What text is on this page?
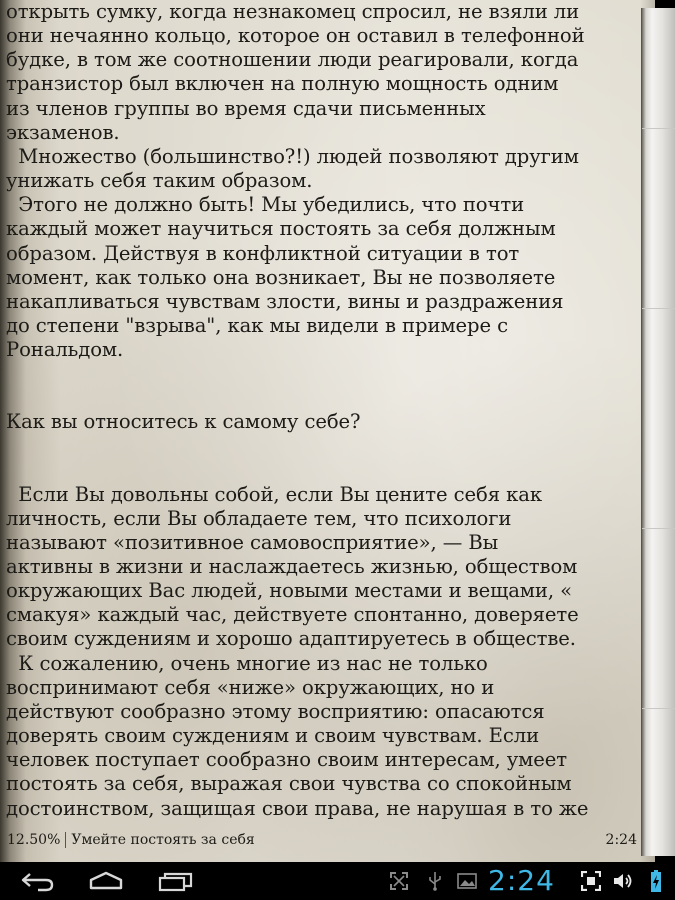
открыть сумку, когда незнакомец спросил, не взяли ли
они нечаянно кольцо, которое он оставил в телефонной
будке, в том же соотношении люди реагировали, когда
транзистор был включен на полную мощность одним
из членов группы во время сдачи письменных
экзаменов.

Множество (большинство?!) людей позволяют другим
унижать себя таким образом.

Этого не должно быть! Мы убедились, что почти
каждый может научиться постоять за себя должным
образом. Действуя в конфликтной ситуации в тот
момент, как только она возникает, Вы не позволяете
накапливаться чувствам злости, вины и раздражения
до степени "взрыва", как мы видели в примере с
Рональдом.

Как вы относитесь к самому себе?

Если Вы довольны собой, если Вы цените себя как
личность, если Вы обладаете тем, что психологи
называют «позитивное самовосприятие», — Вы
активны в жизни и наслаждаетесь жизнью, обществом
окружающих Вас людей, новыми местами и вещами, «
смакуя» каждый час, действуете спонтанно, доверяете
своим суждениям и хорошо адаптируетесь в обществе.

К сожалению, очень многие из нас не только
воспринимают себя «ниже» окружающих, но и
действуют сообразно этому восприятию: опасаются
доверять своим суждениям и своим чувствам. Если
человек поступает сообразно своим интересам, умеет
постоять за себя, выражая свои чувства со спокойным
достоинством, защищая свои права, не нарушая в то же

12.50% Умейте постоять за себя	2:24
2:24
